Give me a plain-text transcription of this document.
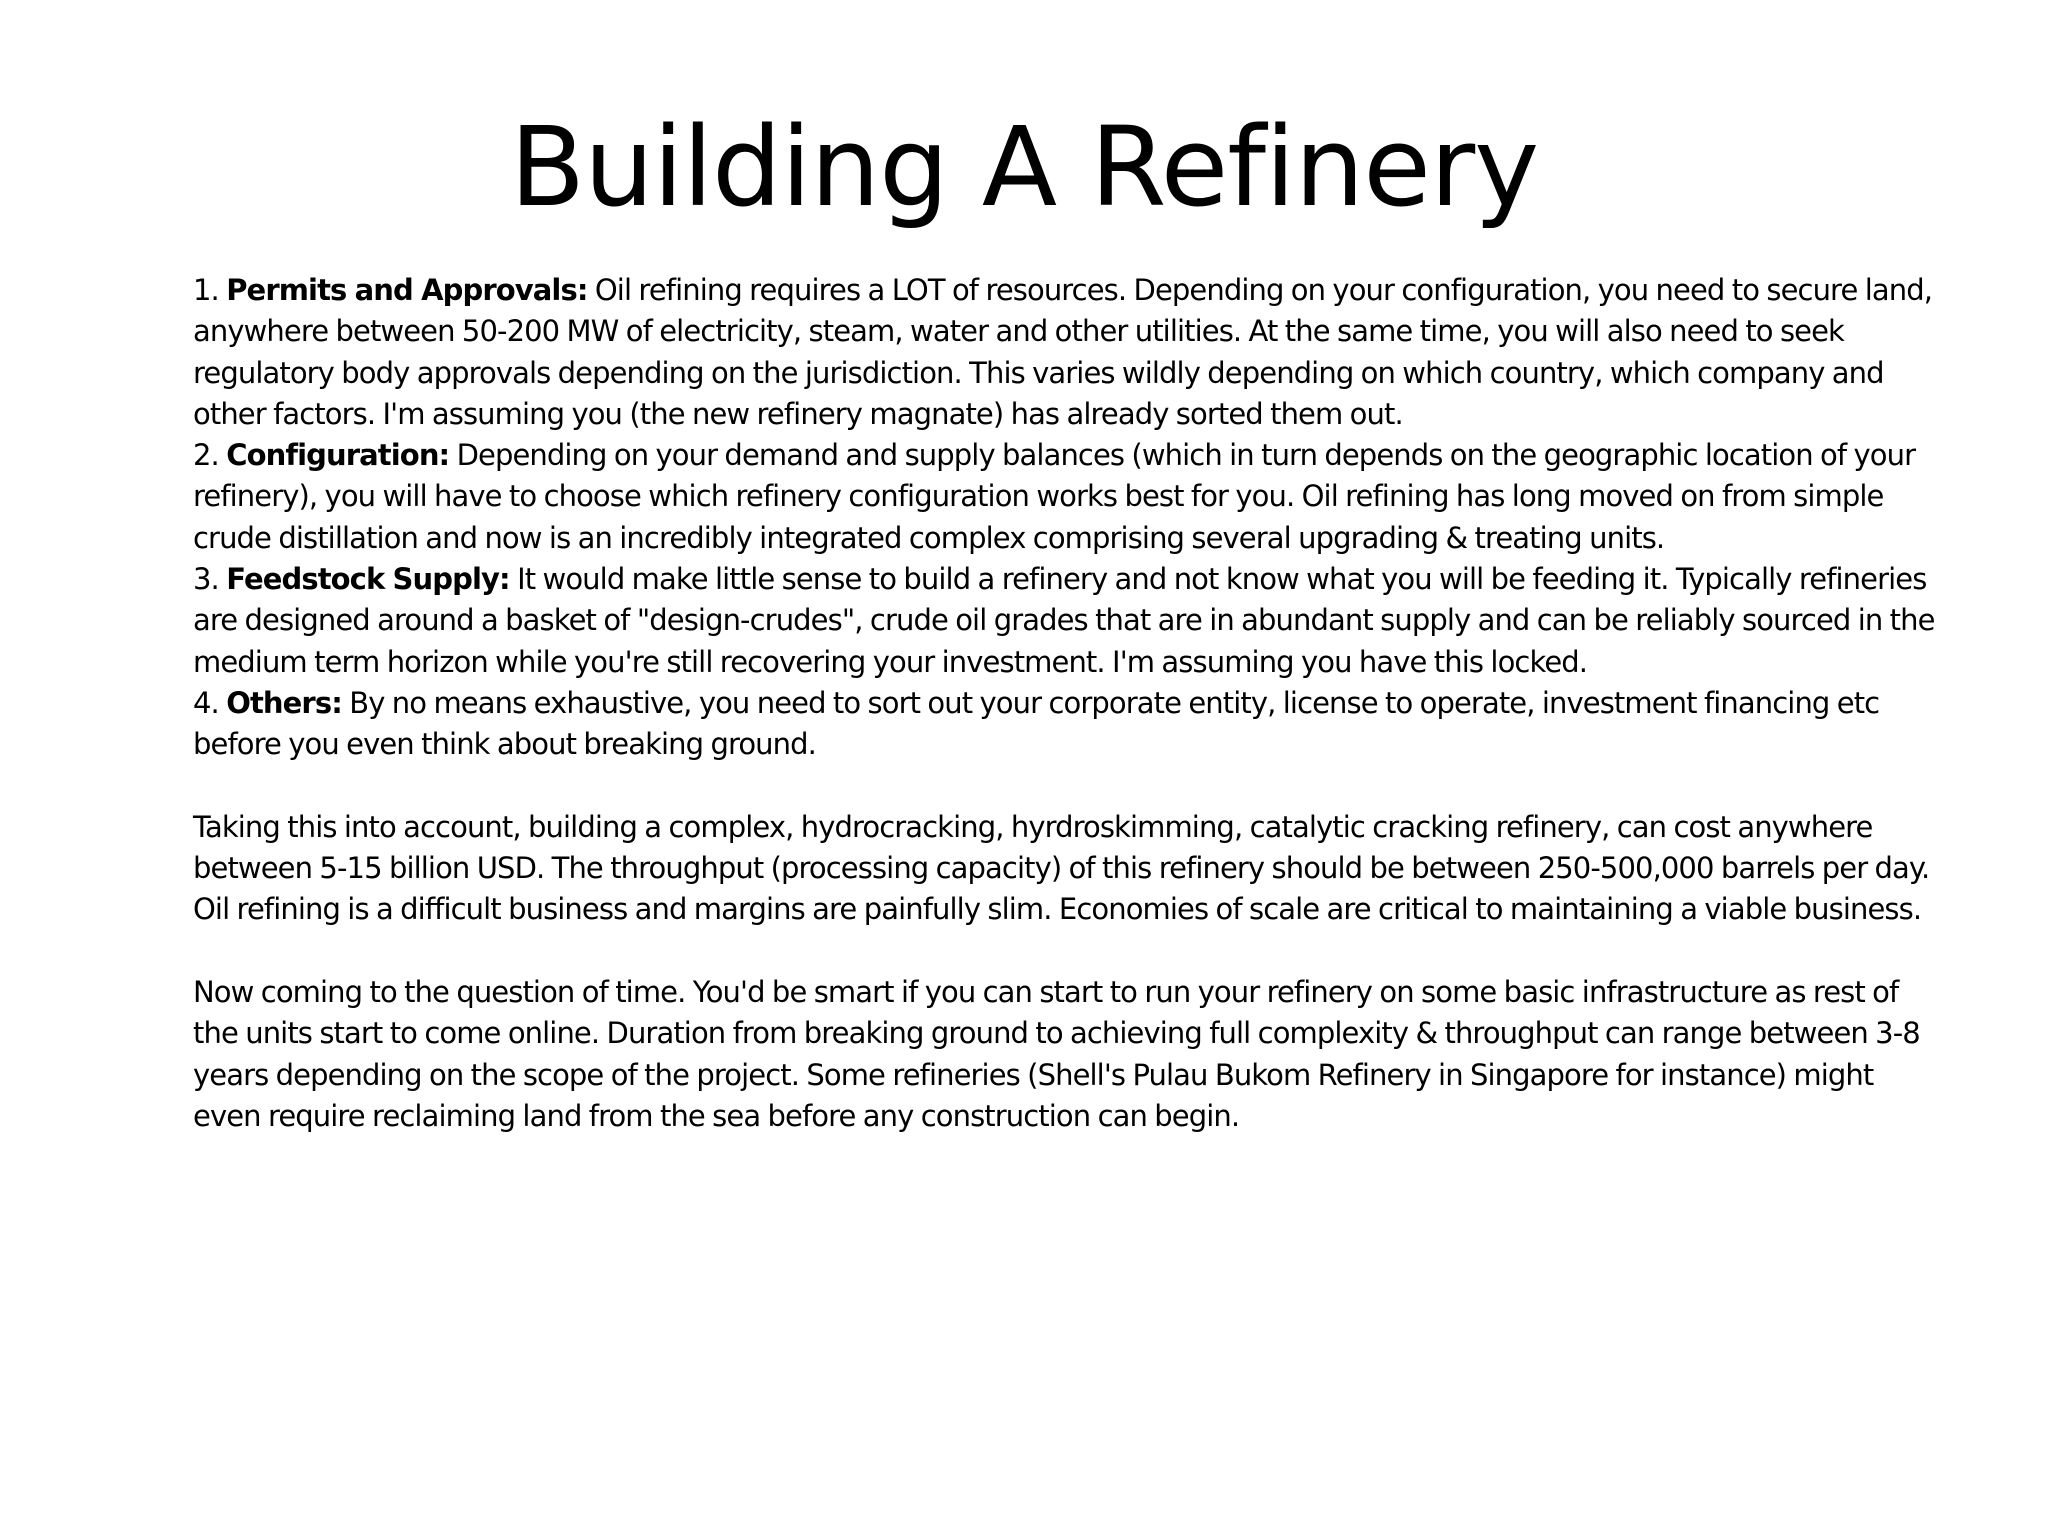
Building A Refinery

1. Permits and Approvals: Oil refining requires a LOT of resources. Depending on your configuration, you need to secure land, anywhere between 50-200 MW of electricity, steam, water and other utilities. At the same time, you will also need to seek regulatory body approvals depending on the jurisdiction. This varies wildly depending on which country, which company and other factors. I'm assuming you (the new refinery magnate) has already sorted them out.

2. Configuration: Depending on your demand and supply balances (which in turn depends on the geographic location of your refinery), you will have to choose which refinery configuration works best for you. Oil refining has long moved on from simple crude distillation and now is an incredibly integrated complex comprising several upgrading & treating units.

3. Feedstock Supply: It would make little sense to build a refinery and not know what you will be feeding it. Typically refineries are designed around a basket of "design-crudes", crude oil grades that are in abundant supply and can be reliably sourced in the medium term horizon while you're still recovering your investment. I'm assuming you have this locked.

4. Others: By no means exhaustive, you need to sort out your corporate entity, license to operate, investment financing etc before you even think about breaking ground.

Taking this into account, building a complex, hydrocracking, hyrdroskimming, catalytic cracking refinery, can cost anywhere between 5-15 billion USD. The throughput (processing capacity) of this refinery should be between 250-500,000 barrels per day. Oil refining is a difficult business and margins are painfully slim. Economies of scale are critical to maintaining a viable business.

Now coming to the question of time. You'd be smart if you can start to run your refinery on some basic infrastructure as rest of the units start to come online. Duration from breaking ground to achieving full complexity & throughput can range between 3-8 years depending on the scope of the project. Some refineries (Shell's Pulau Bukom Refinery in Singapore for instance) might even require reclaiming land from the sea before any construction can begin.
